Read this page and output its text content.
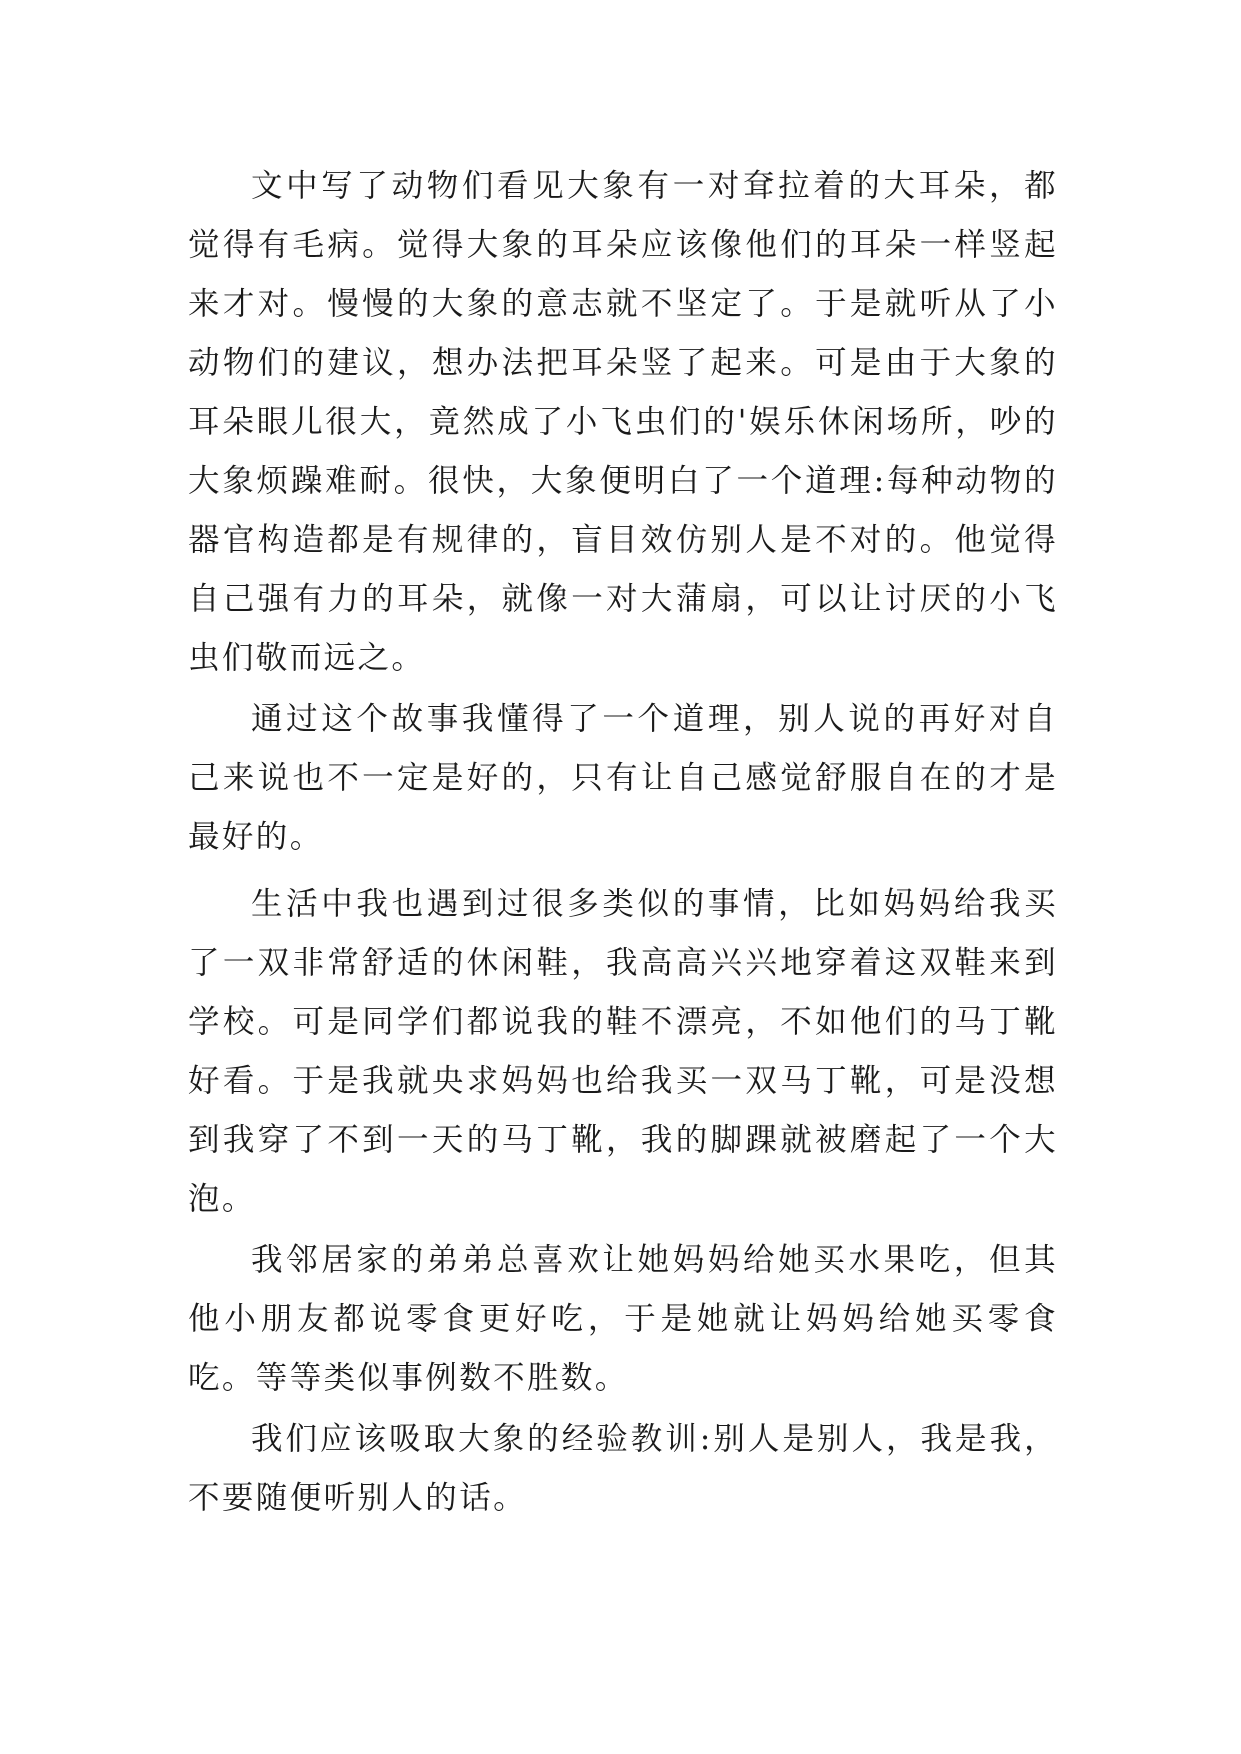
文中写了动物们看见大象有一对耷拉着的大耳朵，都觉得有毛病。觉得大象的耳朵应该像他们的耳朵一样竖起来才对。慢慢的大象的意志就不坚定了。于是就听从了小动物们的建议，想办法把耳朵竖了起来。可是由于大象的耳朵眼儿很大，竟然成了小飞虫们的'娱乐休闲场所，吵的大象烦躁难耐。很快，大象便明白了一个道理:每种动物的器官构造都是有规律的，盲目效仿别人是不对的。他觉得自己强有力的耳朵，就像一对大蒲扇，可以让讨厌的小飞虫们敬而远之。

通过这个故事我懂得了一个道理，别人说的再好对自己来说也不一定是好的，只有让自己感觉舒服自在的才是最好的。

生活中我也遇到过很多类似的事情，比如妈妈给我买了一双非常舒适的休闲鞋，我高高兴兴地穿着这双鞋来到学校。可是同学们都说我的鞋不漂亮，不如他们的马丁靴好看。于是我就央求妈妈也给我买一双马丁靴，可是没想到我穿了不到一天的马丁靴，我的脚踝就被磨起了一个大泡。

我邻居家的弟弟总喜欢让她妈妈给她买水果吃，但其他小朋友都说零食更好吃，于是她就让妈妈给她买零食吃。等等类似事例数不胜数。

我们应该吸取大象的经验教训:别人是别人，我是我，不要随便听别人的话。
